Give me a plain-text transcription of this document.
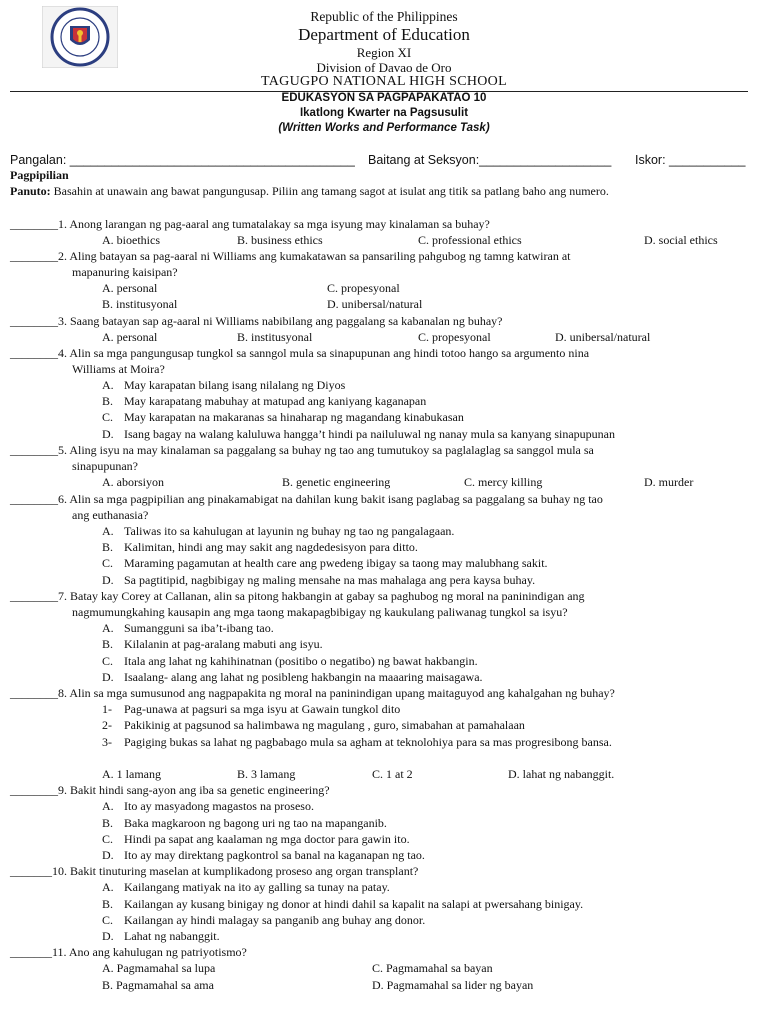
Republic of the Philippines
Department of Education
Region XI
Division of Davao de Oro
TAGUGPO NATIONAL HIGH SCHOOL
EDUKASYON SA PAGPAPAKATAO 10
Ikatlong Kwarter na Pagsusulit
(Written Works and Performance Task)
Pangalan: _________________________________________ Baitang at Seksyon:___________________ Iskor: ___________
Pagpipilian
Panuto: Basahin at unawain ang bawat pangungusap. Piliin ang tamang sagot at isulat ang titik sa patlang baho ang numero.
________1. Anong larangan ng pag-aaral ang tumatalakay sa mga isyung may kinalaman sa buhay?
A. bioethics	B. business ethics	C. professional ethics	D. social ethics
________2. Aling batayan sa pag-aaral ni Williams ang kumakatawan sa pansariling pahgubog ng tamng katwiran at
mapanuring kaisipan?
A. personal	C. propesyonal
B. institusyonal	D. unibersal/natural
________3. Saang batayan sap ag-aaral ni Williams nabibilang ang paggalang sa kabanalan ng buhay?
A. personal	B. institusyonal	C. propesyonal	D. unibersal/natural
________4. Alin sa mga pangungusap tungkol sa sanngol mula sa sinapupunan ang hindi totoo hango sa argumento nina
Williams at Moira?
A. May karapatan bilang isang nilalang ng Diyos
B. May karapatang mabuhay at matupad ang kaniyang kaganapan
C. May karapatan na makaranas sa hinaharap ng magandang kinabukasan
D. Isang bagay na walang kaluluwa hangga’t hindi pa nailuluwal ng nanay mula sa kanyang sinapupunan
________5. Aling isyu na may kinalaman sa paggalang sa buhay ng tao ang tumutukoy sa paglalaglag sa sanggol mula sa
sinapupunan?
A. aborsiyon	B. genetic engineering	C. mercy killing	D. murder
________6. Alin sa mga pagpipilian ang pinakamabigat na dahilan kung bakit isang paglabag sa paggalang sa buhay ng tao
ang euthanasia?
A. Taliwas ito sa kahulugan at layunin ng buhay ng tao ng pangalagaan.
B. Kalimitan, hindi ang may sakit ang nagdedesisyon para ditto.
C. Maraming pagamutan at health care ang pwedeng ibigay sa taong may malubhang sakit.
D. Sa pagtitipid, nagbibigay ng maling mensahe na mas mahalaga ang pera kaysa buhay.
________7. Batay kay Corey at Callanan, alin sa pitong hakbangin at gabay sa paghubog ng moral na paninindigan ang
nagmumungkahing kausapin ang mga taong makapagbibigay ng kaukulang paliwanag tungkol sa isyu?
A. Sumangguni sa iba’t-ibang tao.
B. Kilalanin at pag-aralang mabuti ang isyu.
C. Itala ang lahat ng kahihinatnan (positibo o negatibo) ng bawat hakbangin.
D. Isaalang- alang ang lahat ng posibleng hakbangin na maaaring maisagawa.
________8. Alin sa mga sumusunod ang nagpapakita ng moral na paninindigan upang maitaguyod ang kahalgahan ng buhay?
1- Pag-unawa at pagsuri sa mga isyu at Gawain tungkol dito
2- Pakikinig at pagsunod sa halimbawa ng magulang , guro, simabahan at pamahalaan
3- Pagiging bukas sa lahat ng pagbabago mula sa agham at teknolohiya para sa mas progresibong bansa.
A. 1 lamang	B. 3 lamang	C. 1 at 2	D. lahat ng nabanggit.
________9. Bakit hindi sang-ayon ang iba sa genetic engineering?
A. Ito ay masyadong magastos na proseso.
B. Baka magkaroon ng bagong uri ng tao na mapanganib.
C. Hindi pa sapat ang kaalaman ng mga doctor para gawin ito.
D. Ito ay may direktang pagkontrol sa banal na kaganapan ng tao.
_______10. Bakit tinuturing maselan at kumplikadong proseso ang organ transplant?
A. Kailangang matiyak na ito ay galling sa tunay na patay.
B. Kailangan ay kusang binigay ng donor at hindi dahil sa kapalit na salapi at pwersahang binigay.
C. Kailangan ay hindi malagay sa panganib ang buhay ang donor.
D. Lahat ng nabanggit.
_______11. Ano ang kahulugan ng patriyotismo?
A. Pagmamahal sa lupa	C. Pagmamahal sa bayan
B. Pagmamahal sa ama	D. Pagmamahal sa lider ng bayan
